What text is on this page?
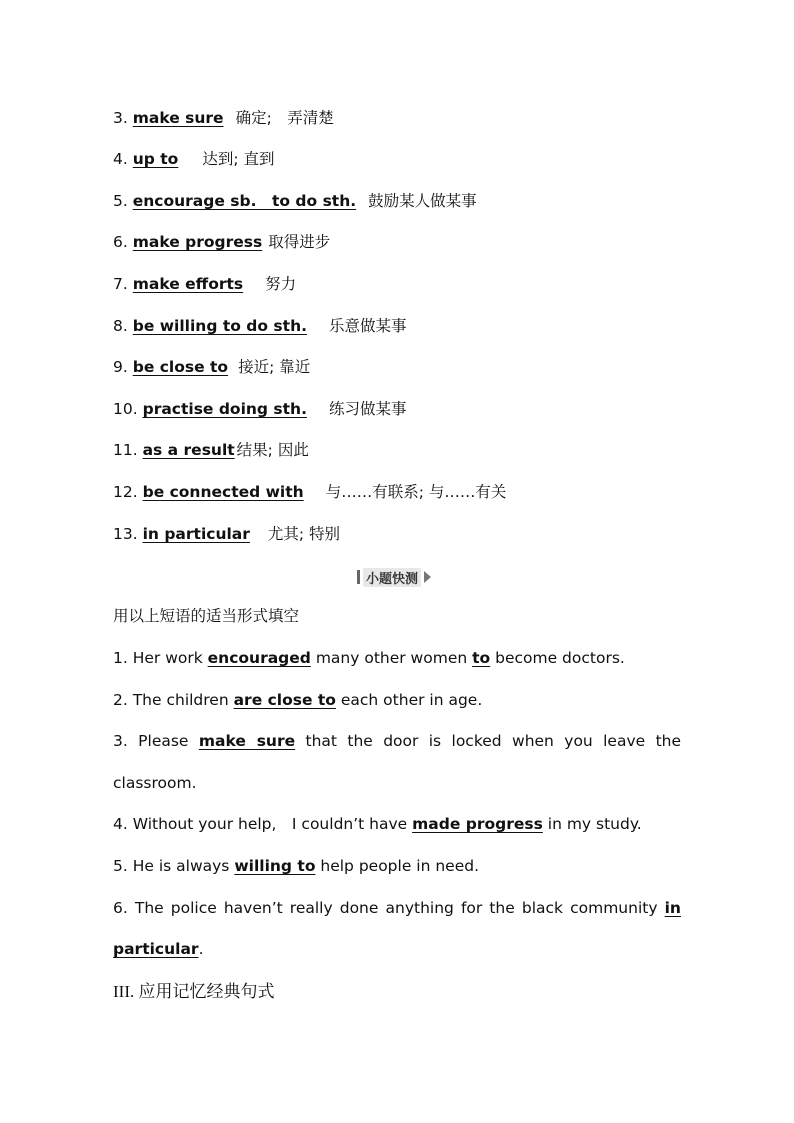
3. make sure 确定;　弄清楚
4. up to 达到; 直到
5. encourage sb.　to do sth. 鼓励某人做某事
6. make progress 取得进步
7. make efforts 努力
8. be willing to do sth. 乐意做某事
9. be close to 接近; 靠近
10. practise doing sth. 练习做某事
11. as a result 结果; 因此
12. be connected with 与……有联系; 与……有关
13. in particular 尤其; 特别
小题快测
用以上短语的适当形式填空
1. Her work encouraged many other women to become doctors.
2. The children are close to each other in age.
3. Please make sure that the door is locked when you leave the
classroom.
4. Without your help,　I couldn’t have made progress in my study.
5. He is always willing to help people in need.
6. The police haven’t really done anything for the black community in
particular.
III. 应用记忆经典句式
